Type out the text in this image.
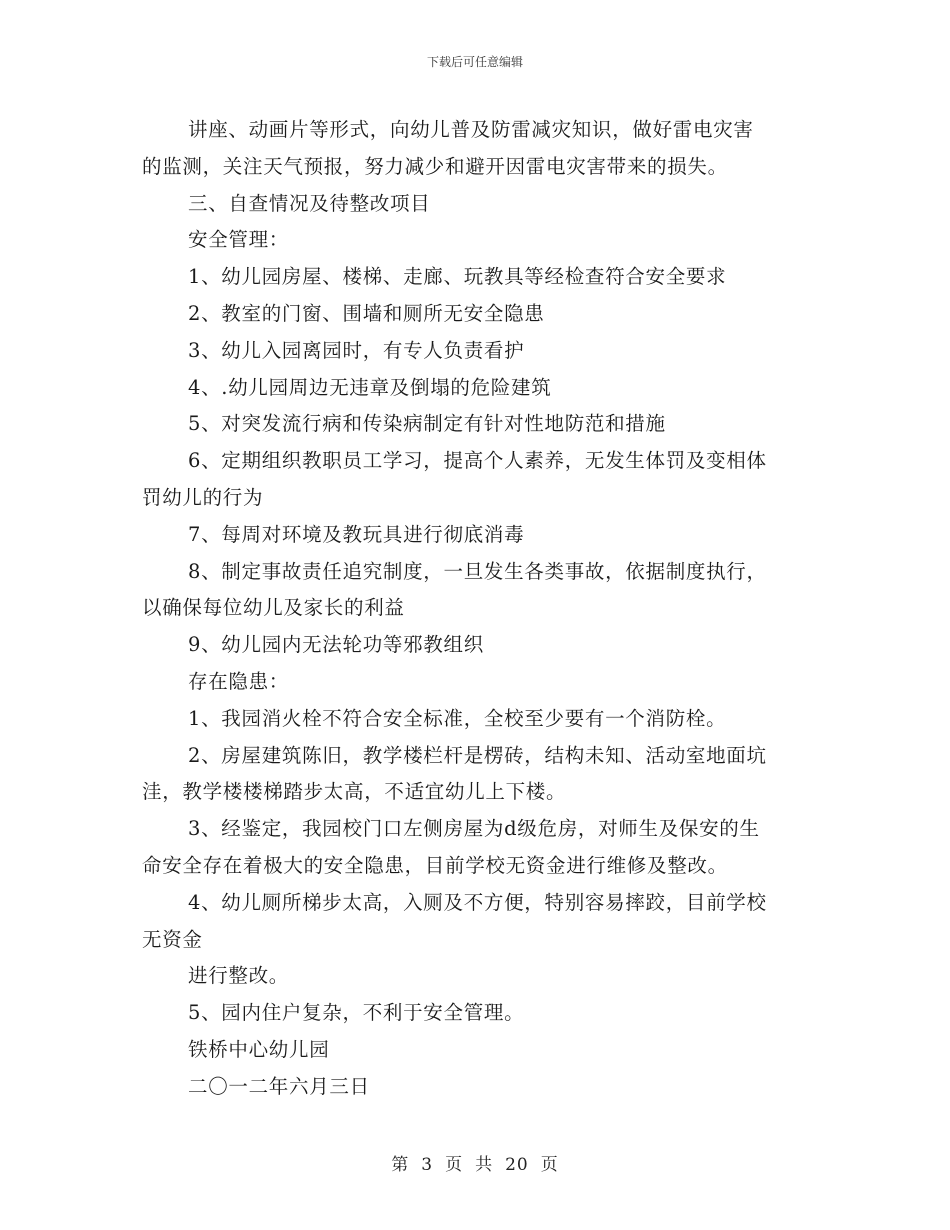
下载后可任意编辑
讲座、动画片等形式，向幼儿普及防雷减灾知识，做好雷电灾害
的监测，关注天气预报，努力减少和避开因雷电灾害带来的损失。
三、自查情况及待整改项目
安全管理：
1、幼儿园房屋、楼梯、走廊、玩教具等经检查符合安全要求
2、教室的门窗、围墙和厕所无安全隐患
3、幼儿入园离园时，有专人负责看护
4、.幼儿园周边无违章及倒塌的危险建筑
5、对突发流行病和传染病制定有针对性地防范和措施
6、定期组织教职员工学习，提高个人素养，无发生体罚及变相体
罚幼儿的行为
7、每周对环境及教玩具进行彻底消毒
8、制定事故责任追究制度，一旦发生各类事故，依据制度执行，
以确保每位幼儿及家长的利益
9、幼儿园内无法轮功等邪教组织
存在隐患：
1、我园消火栓不符合安全标准，全校至少要有一个消防栓。
2、房屋建筑陈旧，教学楼栏杆是楞砖，结构未知、活动室地面坑
洼，教学楼楼梯踏步太高，不适宜幼儿上下楼。
3、经鉴定，我园校门口左侧房屋为d级危房，对师生及保安的生
命安全存在着极大的安全隐患，目前学校无资金进行维修及整改。
4、幼儿厕所梯步太高，入厕及不方便，特别容易摔跤，目前学校
无资金
进行整改。
5、园内住户复杂，不利于安全管理。
铁桥中心幼儿园
二〇一二年六月三日
第 3 页 共 20 页
